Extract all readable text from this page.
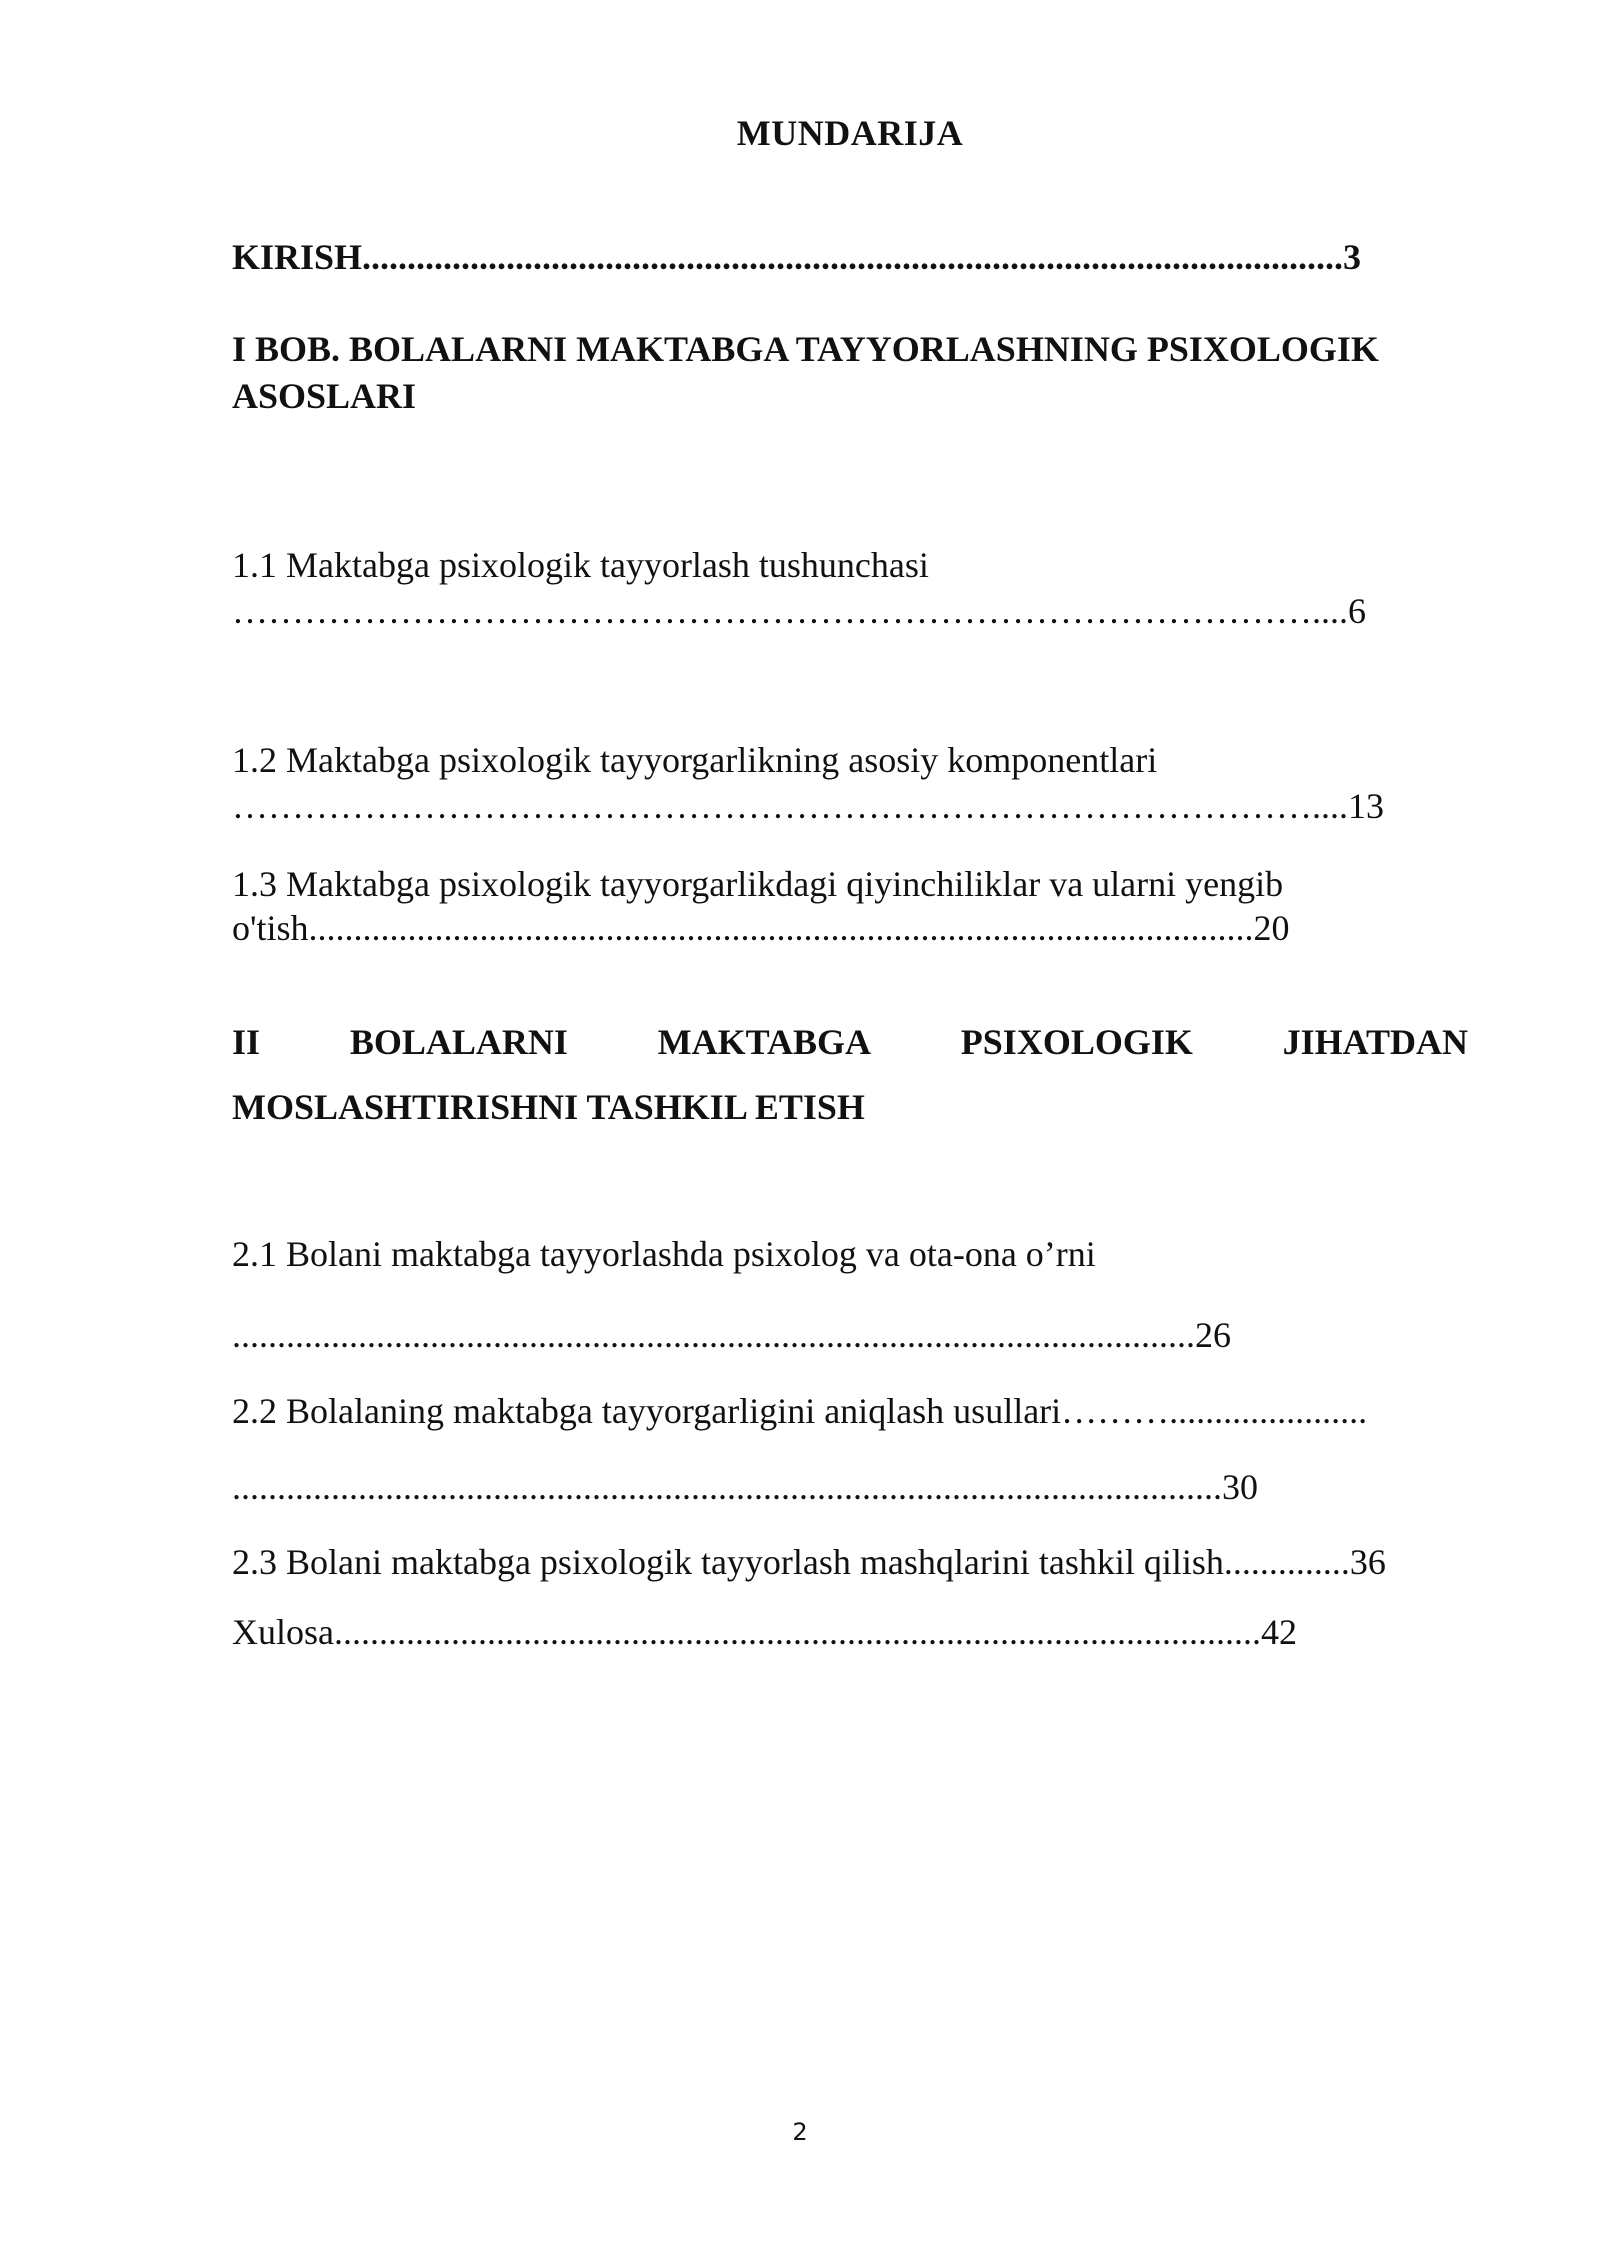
MUNDARIJA
KIRISH.............................................................................................................3
I BOB. BOLALARNI MAKTABGA TAYYORLASHNING PSIXOLOGIK
ASOSLARI
1.1 Maktabga psixologik tayyorlash tushunchasi
………………………………………………………………………………....6
1.2 Maktabga psixologik tayyorgarlikning asosiy komponentlari
………………………………………………………………………………....13
1.3 Maktabga psixologik tayyorgarlikdagi qiyinchiliklar va ularni yengib
o'tish.........................................................................................................20
II BOLALARNI MAKTABGA PSIXOLOGIK JIHATDAN
MOSLASHTIRISHNI TASHKIL ETISH
2.1 Bolani maktabga tayyorlashda psixolog va ota-ona o’rni
...........................................................................................................26
2.2 Bolalaning maktabga tayyorgarligini aniqlash usullari………......................
..............................................................................................................30
2.3 Bolani maktabga psixologik tayyorlash mashqlarini tashkil qilish..............36
Xulosa.......................................................................................................42
2
